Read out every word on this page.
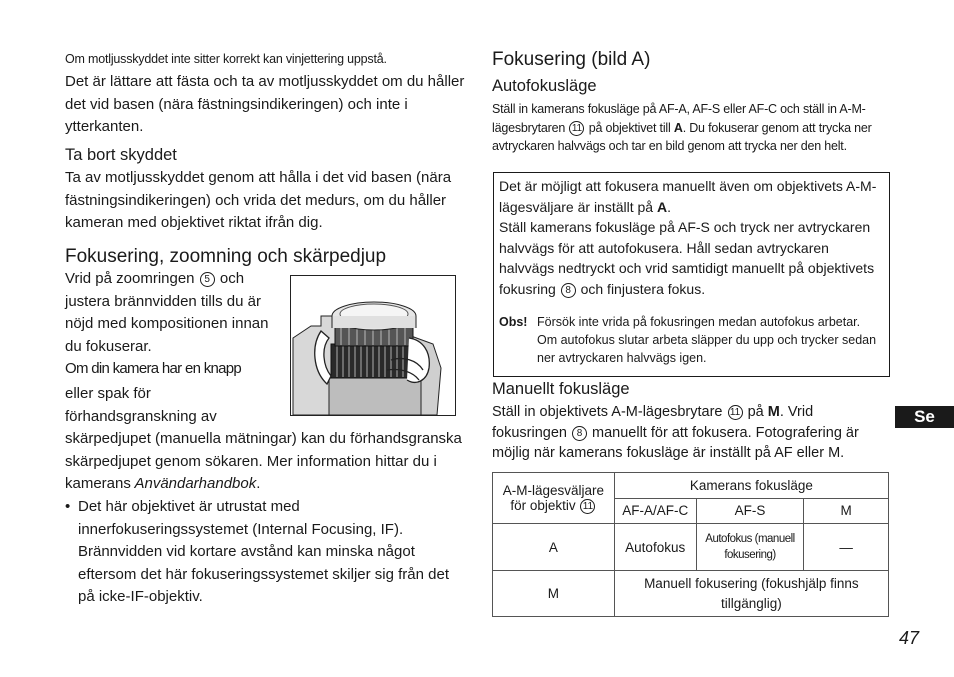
Om motljusskyddet inte sitter korrekt kan vinjettering uppstå.
Det är lättare att fästa och ta av motljusskyddet om du håller det vid basen (nära fästningsindikeringen) och inte i ytterkanten.
Ta bort skyddet
Ta av motljusskyddet genom att hålla i det vid basen (nära fästningsindikeringen) och vrida det medurs, om du håller kameran med objektivet riktat ifrån dig.
Fokusering, zoomning och skärpedjup
Vrid på zoomringen 5 och justera brännvidden tills du är nöjd med kompositionen innan du fokuserar. Om din kamera har en knapp
eller spak för förhandsgranskning av skärpedjupet (manuella mätningar) kan du förhandsgranska skärpedjupet genom sökaren. Mer information hittar du i kamerans Användarhandbok.
• Det här objektivet är utrustat med innerfokuseringssystemet (Internal Focusing, IF). Brännvidden vid kortare avstånd kan minska något eftersom det här fokuseringssystemet skiljer sig från det på icke-IF-objektiv.
Fokusering (bild A)
Autofokusläge
Ställ in kamerans fokusläge på AF-A, AF-S eller AF-C och ställ in A-M-lägesbrytaren 11 på objektivet till A. Du fokuserar genom att trycka ner avtryckaren halvvägs och tar en bild genom att trycka ner den helt.
Det är möjligt att fokusera manuellt även om objektivets A-M-lägesväljare är inställt på A.
Ställ kamerans fokusläge på AF-S och tryck ner avtryckaren halvvägs för att autofokusera. Håll sedan avtryckaren halvvägs nedtryckt och vrid samtidigt manuellt på objektivets fokusring 8 och finjustera fokus.
Obs! Försök inte vrida på fokusringen medan autofokus arbetar. Om autofokus slutar arbeta släpper du upp och trycker sedan ner avtryckaren halvvägs igen.
Manuellt fokusläge
Ställ in objektivets A-M-lägesbrytare 11 på M. Vrid fokusringen 8 manuellt för att fokusera. Fotografering är möjlig när kamerans fokusläge är inställt på AF eller M.
A-M-lägesväljare för objektiv 11	Kamerans fokusläge		
	AF-A/AF-C	AF-S	M
A	Autofokus	Autofokus (manuell fokusering)	—
M	Manuell fokusering (fokushjälp finns tillgänglig)		
Se
47
